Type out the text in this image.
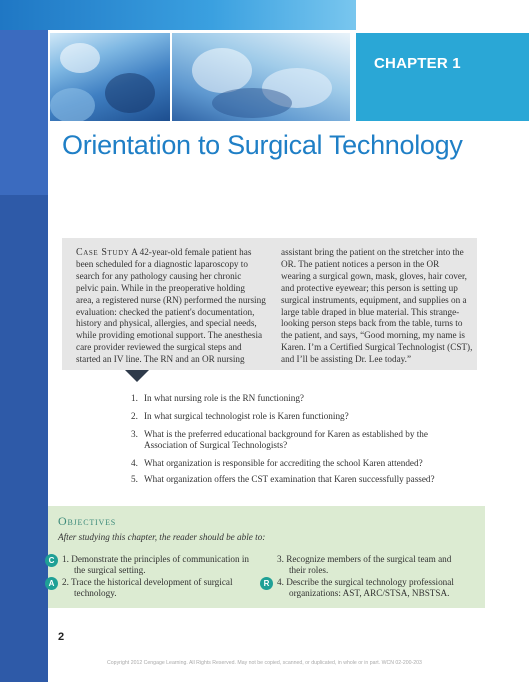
CHAPTER 1
Orientation to Surgical Technology
Case Study A 42-year-old female patient has
been scheduled for a diagnostic laparoscopy to
search for any pathology causing her chronic
pelvic pain. While in the preoperative holding
area, a registered nurse (RN) performed the nursing
evaluation: checked the patient's documentation,
history and physical, allergies, and special needs,
while providing emotional support. The anesthesia
care provider reviewed the surgical steps and
started an IV line. The RN and an OR nursing
assistant bring the patient on the stretcher into the
OR. The patient notices a person in the OR
wearing a surgical gown, mask, gloves, hair cover,
and protective eyewear; this person is setting up
surgical instruments, equipment, and supplies on a
large table draped in blue material. This strange-
looking person steps back from the table, turns to
the patient, and says, “Good morning, my name is
Karen. I’m a Certified Surgical Technologist (CST),
and I’ll be assisting Dr. Lee today.”
1. In what nursing role is the RN functioning?
2. In what surgical technologist role is Karen functioning?
3. What is the preferred educational background for Karen as established by the
Association of Surgical Technologists?
4. What organization is responsible for accrediting the school Karen attended?
5. What organization offers the CST examination that Karen successfully passed?
Objectives
After studying this chapter, the reader should be able to:
C 1. Demonstrate the principles of communication in
the surgical setting.
A 2. Trace the historical development of surgical
technology.
3. Recognize members of the surgical team and
their roles.
R 4. Describe the surgical technology professional
organizations: AST, ARC/STSA, NBSTSA.
2
Copyright 2012 Cengage Learning. All Rights Reserved. May not be copied, scanned, or duplicated, in whole or in part. WCN 02-200-203
